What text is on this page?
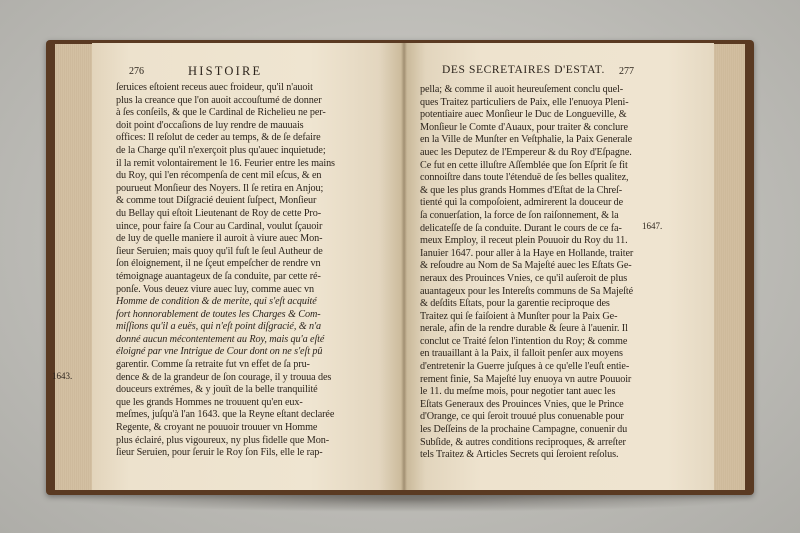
276	HISTOIRE
ſeruices eſtoient receus auec froideur, qu'il n'auoit
plus la creance que l'on auoit accouſtumé de donner
à ſes conſeils, & que le Cardinal de Richelieu ne per-
doit point d'occaſions de luy rendre de mauuais
offices: Il reſolut de ceder au temps, & de ſe defaire
de la Charge qu'il n'exerçoit plus qu'auec inquietude;
il la remit volontairement le 16. Feurier entre les mains
du Roy, qui l'en récompenſa de cent mil eſcus, & en
pourueut Monſieur des Noyers. Il ſe retira en Anjou;
& comme tout Diſgracié deuient ſuſpect, Monſieur
du Bellay qui eſtoit Lieutenant de Roy de cette Pro-
uince, pour faire ſa Cour au Cardinal, voulut ſçauoir
de luy de quelle maniere il auroit à viure auec Mon-
ſieur Seruien; mais quoy qu'il fuſt le ſeul Autheur de
ſon éloignement, il ne ſçeut empeſcher de rendre vn
témoignage auantageux de ſa conduite, par cette ré-
ponſe. Vous deuez viure auec luy, comme auec vn
Homme de condition & de merite, qui s'eſt acquité
fort honnorablement de toutes les Charges & Com-
miſſions qu'il a euës, qui n'eſt point diſgracié, & n'a
donné aucun mécontentement au Roy, mais qu'a eſté
éloigné par vne Intrigue de Cour dont on ne s'eſt pû
garentir. Comme ſa retraite fut vn effet de ſa pru-
dence & de la grandeur de ſon courage, il y trouua des
douceurs extrémes, & y jouït de la belle tranquilité
que les grands Hommes ne trouuent qu'en eux-
meſmes, juſqu'à l'an 1643. que la Reyne eſtant declarée
Regente, & croyant ne pouuoir trouuer vn Homme
plus éclairé, plus vigoureux, ny plus fidelle que Mon-
ſieur Seruien, pour ſeruir le Roy ſon Fils, elle le rap-
1643.
DES SECRETAIRES D'ESTAT. 277
pella; & comme il auoit heureuſement conclu quel-
ques Traitez particuliers de Paix, elle l'enuoya Pleni-
potentiaire auec Monſieur le Duc de Longueville, &
Monſieur le Comte d'Auaux, pour traiter & conclure
en la Ville de Munſter en Veſtphalie, la Paix Generale
auec les Deputez de l'Empereur & du Roy d'Eſpagne.
Ce fut en cette illuſtre Aſſemblée que ſon Eſprit ſe fit
connoiſtre dans toute l'étenduë de ſes belles qualitez,
& que les plus grands Hommes d'Eſtat de la Chreſ-
tienté qui la compoſoient, admirerent la douceur de
ſa conuerſation, la force de ſon raiſonnement, & la
delicateſſe de ſa conduite. Durant le cours de ce fa-
meux Employ, il receut plein Pouuoir du Roy du 11.
Ianuier 1647. pour aller à la Haye en Hollande, traiter
& reſoudre au Nom de Sa Majeſté auec les Eſtats Ge-
neraux des Prouinces Vnies, ce qu'il auſeroit de plus
auantageux pour les Intereſts communs de Sa Majeſté
& deſdits Eſtats, pour la garentie reciproque des
Traitez qui ſe faiſoient à Munſter pour la Paix Ge-
nerale, afin de la rendre durable & ſeure à l'auenir. Il
conclut ce Traité ſelon l'intention du Roy; & comme
en trauaillant à la Paix, il falloit penſer aux moyens
d'entretenir la Guerre juſques à ce qu'elle l'euſt entie-
rement finie, Sa Majeſté luy enuoya vn autre Pouuoir
le 11. du meſme mois, pour negotier tant auec les
Eſtats Generaux des Prouinces Vnies, que le Prince
d'Orange, ce qui ſeroit trouué plus conuenable pour
les Deſſeins de la prochaine Campagne, conuenir du
Subſide, & autres conditions reciproques, & arreſter
tels Traitez & Articles Secrets qui ſeroient reſolus.
1647.
